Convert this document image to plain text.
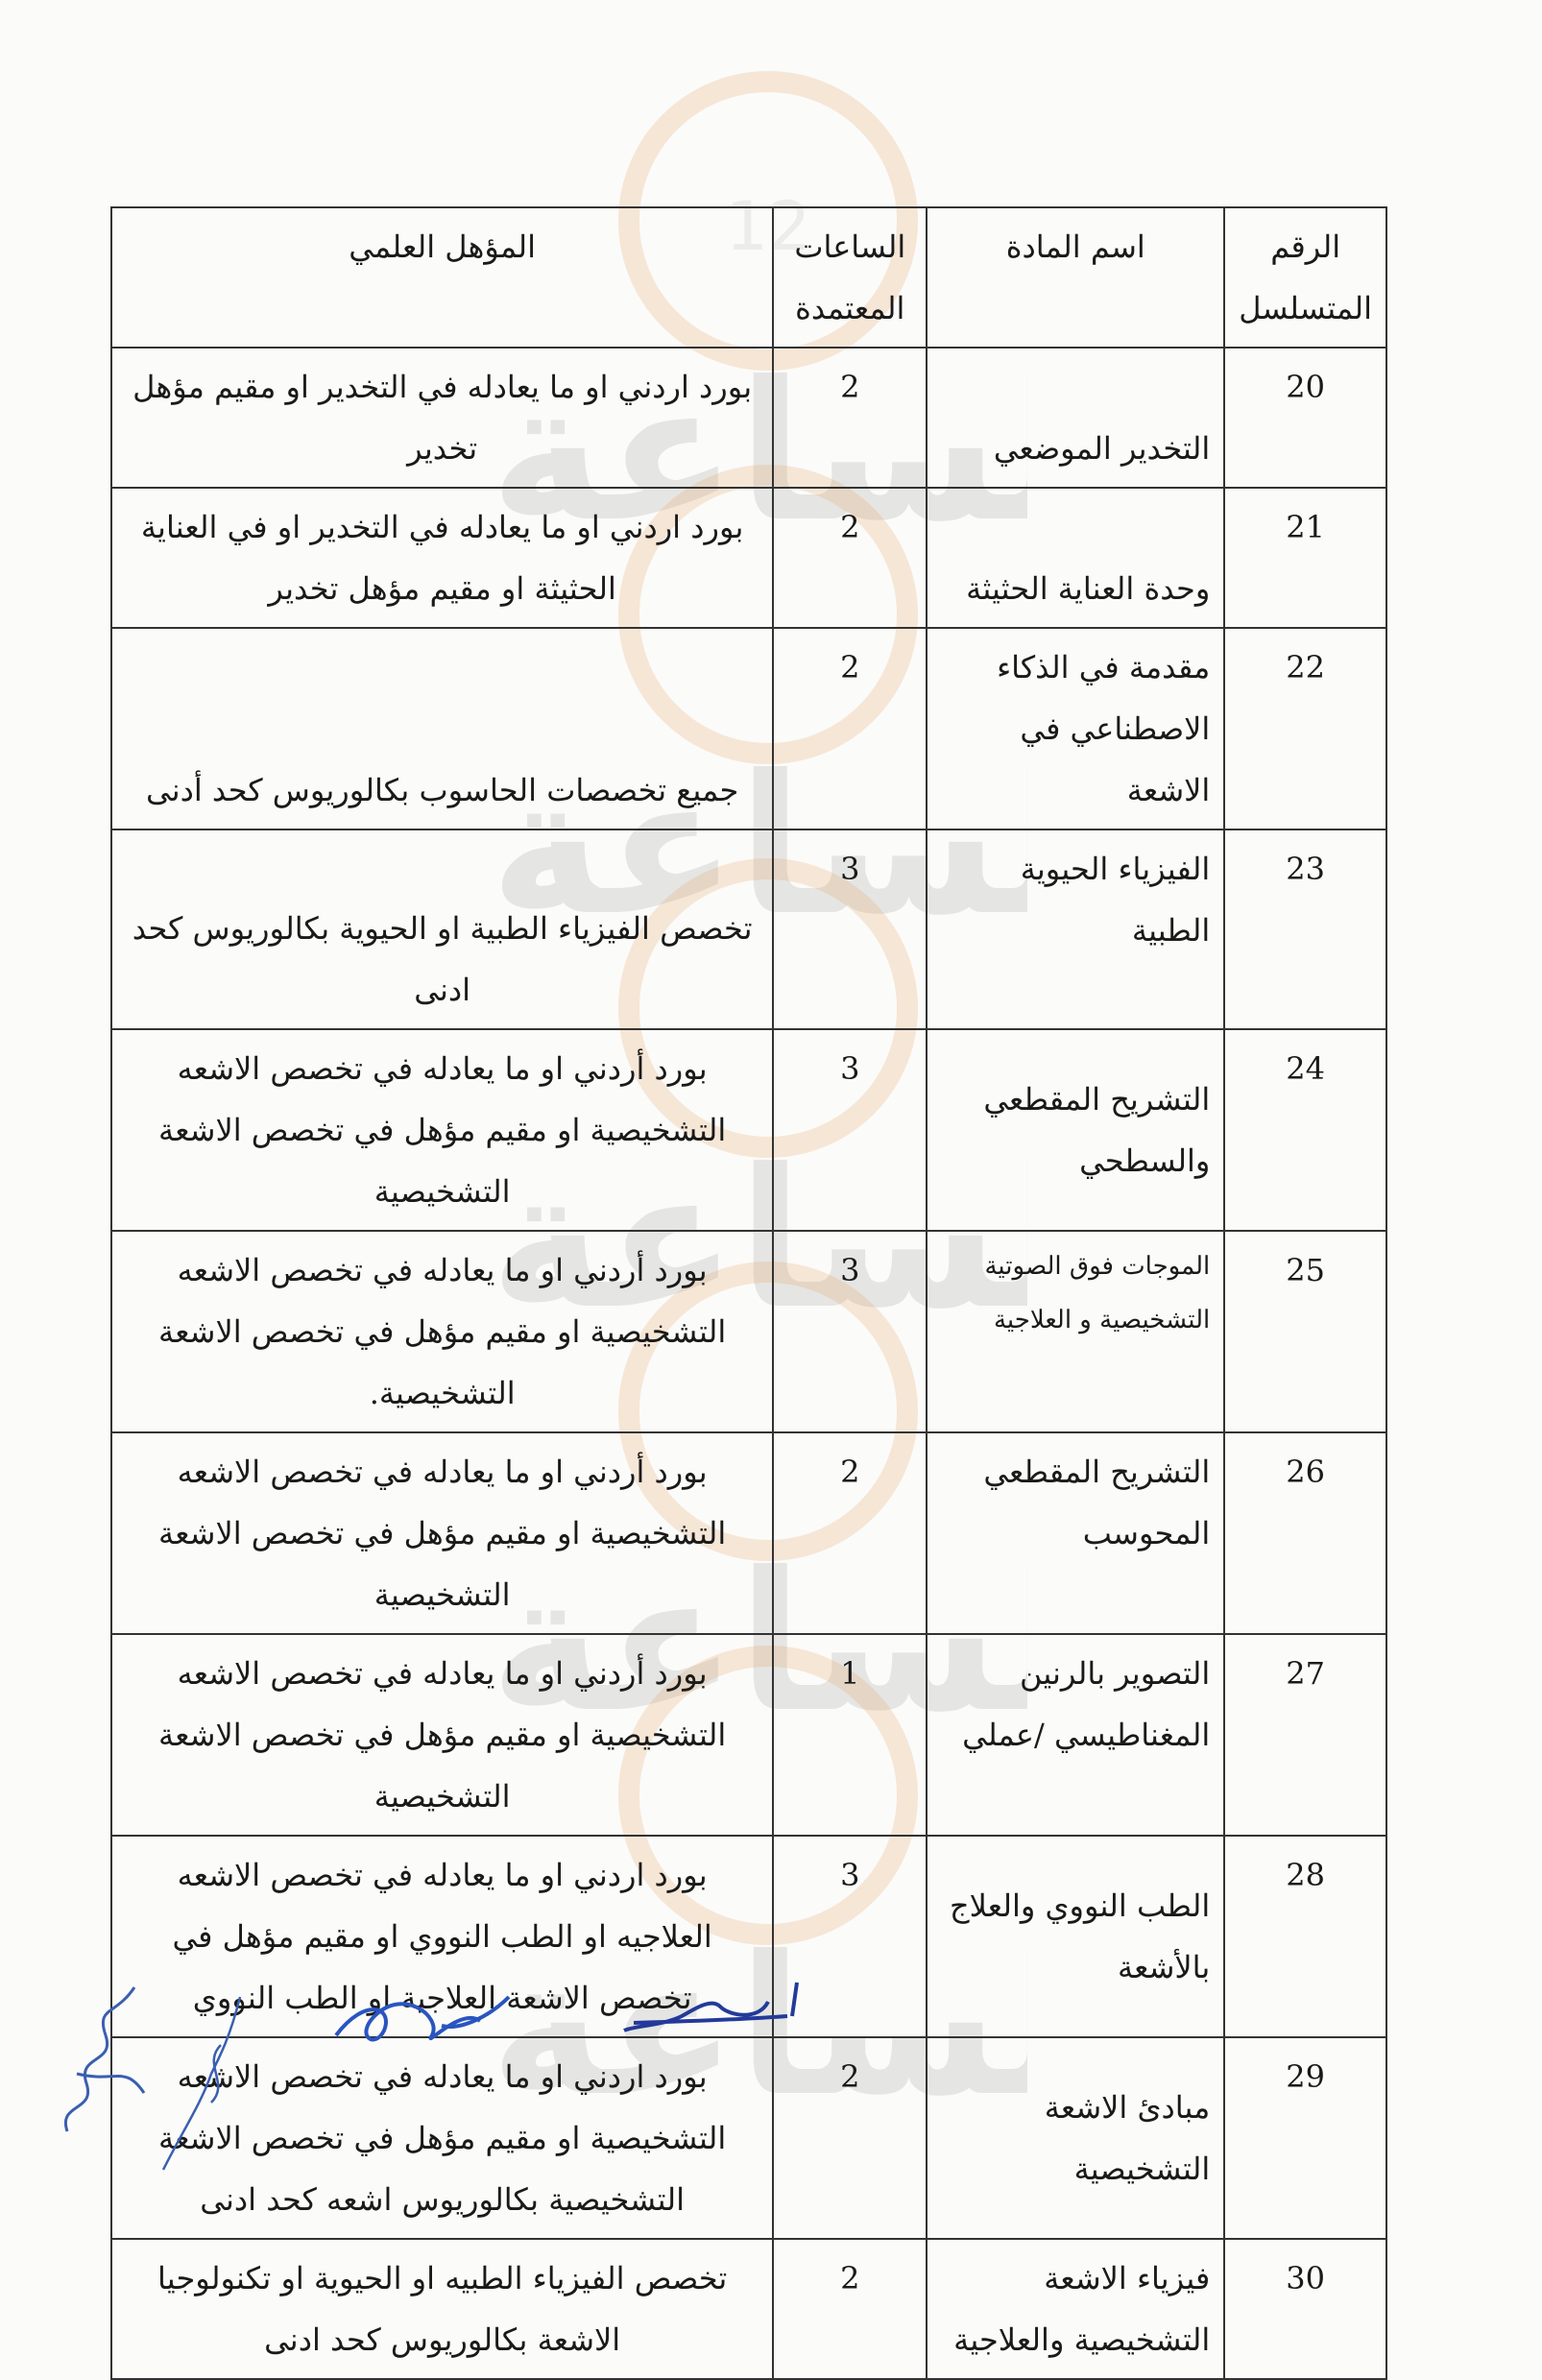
12
ساعة
ساعة
ساعة
ساعة
ساعة
الرقم المتسلسل	اسم المادة	الساعات المعتمدة	المؤهل العلمي
20	التخدير الموضعي	2	بورد اردني او ما يعادله في التخدير او مقيم مؤهل تخدير
21	وحدة العناية الحثيثة	2	بورد اردني او ما يعادله في التخدير او في العناية الحثيثة او مقيم مؤهل تخدير
22	مقدمة في الذكاء الاصطناعي في الاشعة	2	جميع تخصصات الحاسوب بكالوريوس كحد أدنى
23	الفيزياء الحيوية الطبية	3	تخصص الفيزياء الطبية او الحيوية بكالوريوس كحد ادنى
24	التشريح المقطعي والسطحي	3	بورد أردني او ما يعادله في تخصص الاشعه التشخيصية او مقيم مؤهل في تخصص الاشعة التشخيصية
25	الموجات فوق الصوتية التشخيصية و العلاجية	3	بورد أردني او ما يعادله في تخصص الاشعه التشخيصية او مقيم مؤهل في تخصص الاشعة التشخيصية.
26	التشريح المقطعي المحوسب	2	بورد أردني او ما يعادله في تخصص الاشعه التشخيصية او مقيم مؤهل في تخصص الاشعة التشخيصية
27	التصوير بالرنين المغناطيسي /عملي	1	بورد أردني او ما يعادله في تخصص الاشعه التشخيصية او مقيم مؤهل في تخصص الاشعة التشخيصية
28	الطب النووي والعلاج بالأشعة	3	بورد اردني او ما يعادله في تخصص الاشعه العلاجيه او الطب النووي او مقيم مؤهل في تخصص الاشعة العلاجية او الطب النووي
29	مبادئ الاشعة التشخيصية	2	بورد اردني او ما يعادله في تخصص الاشعه التشخيصية او مقيم مؤهل في تخصص الاشعة التشخيصية بكالوريوس اشعه كحد ادنى
30	فيزياء الاشعة التشخيصية والعلاجية	2	تخصص الفيزياء الطبيه او الحيوية او تكنولوجيا الاشعة بكالوريوس كحد ادنى
